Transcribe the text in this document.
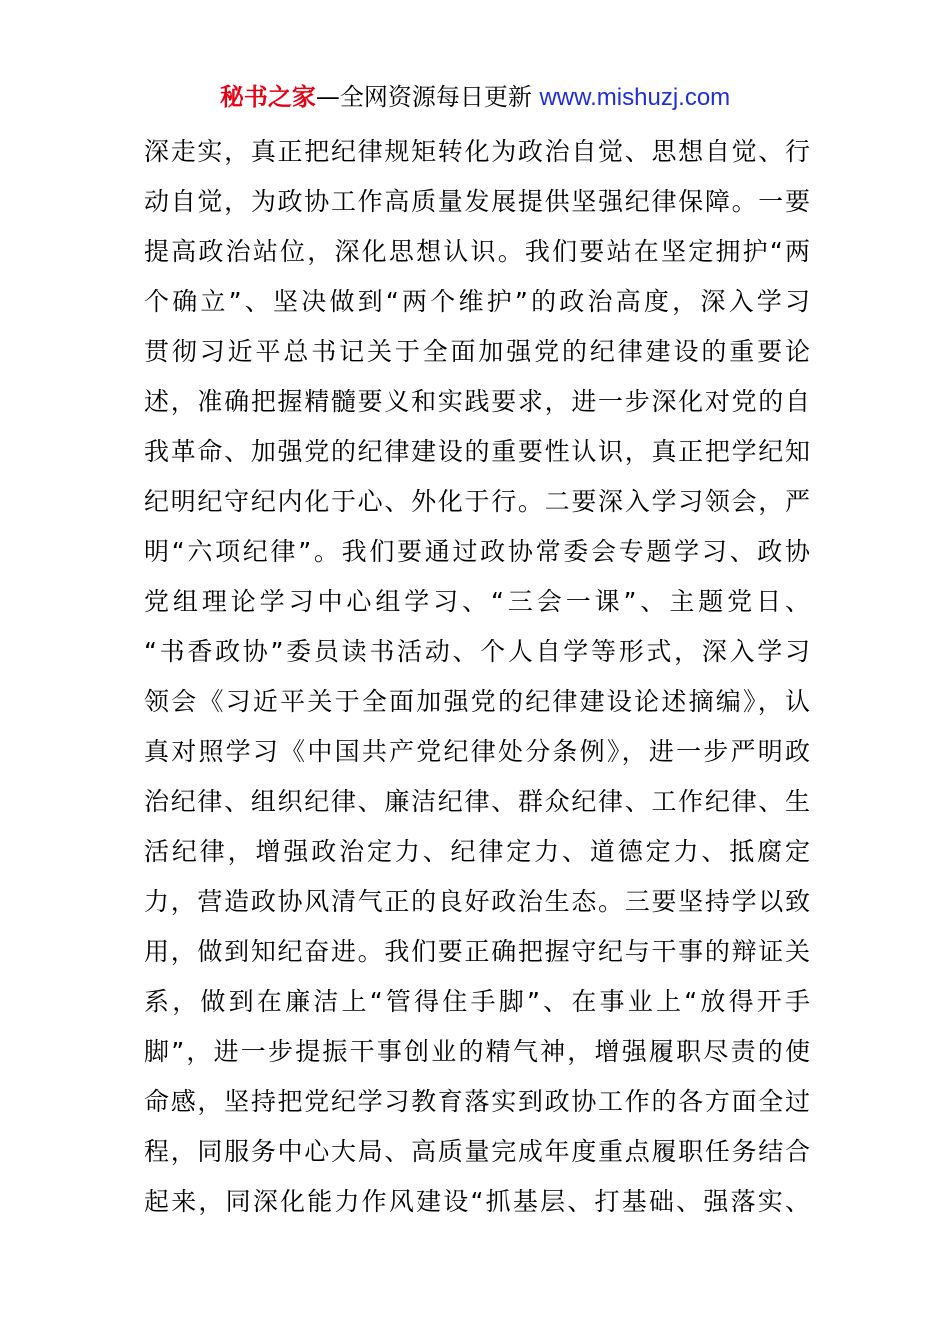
秘书之家—全网资源每日更新 www.mishuzj.com
深走实，真正把纪律规矩转化为政治自觉、思想自觉、行
动自觉，为政协工作高质量发展提供坚强纪律保障。一要
提高政治站位，深化思想认识。我们要站在坚定拥护“两
个确立”、坚决做到“两个维护”的政治高度，深入学习
贯彻习近平总书记关于全面加强党的纪律建设的重要论
述，准确把握精髓要义和实践要求，进一步深化对党的自
我革命、加强党的纪律建设的重要性认识，真正把学纪知
纪明纪守纪内化于心、外化于行。二要深入学习领会，严
明“六项纪律”。我们要通过政协常委会专题学习、政协
党组理论学习中心组学习、“三会一课”、主题党日、
“书香政协”委员读书活动、个人自学等形式，深入学习
领会《习近平关于全面加强党的纪律建设论述摘编》，认
真对照学习《中国共产党纪律处分条例》，进一步严明政
治纪律、组织纪律、廉洁纪律、群众纪律、工作纪律、生
活纪律，增强政治定力、纪律定力、道德定力、抵腐定
力，营造政协风清气正的良好政治生态。三要坚持学以致
用，做到知纪奋进。我们要正确把握守纪与干事的辩证关
系，做到在廉洁上“管得住手脚”、在事业上“放得开手
脚”，进一步提振干事创业的精气神，增强履职尽责的使
命感，坚持把党纪学习教育落实到政协工作的各方面全过
程，同服务中心大局、高质量完成年度重点履职任务结合
起来，同深化能力作风建设“抓基层、打基础、强落实、
